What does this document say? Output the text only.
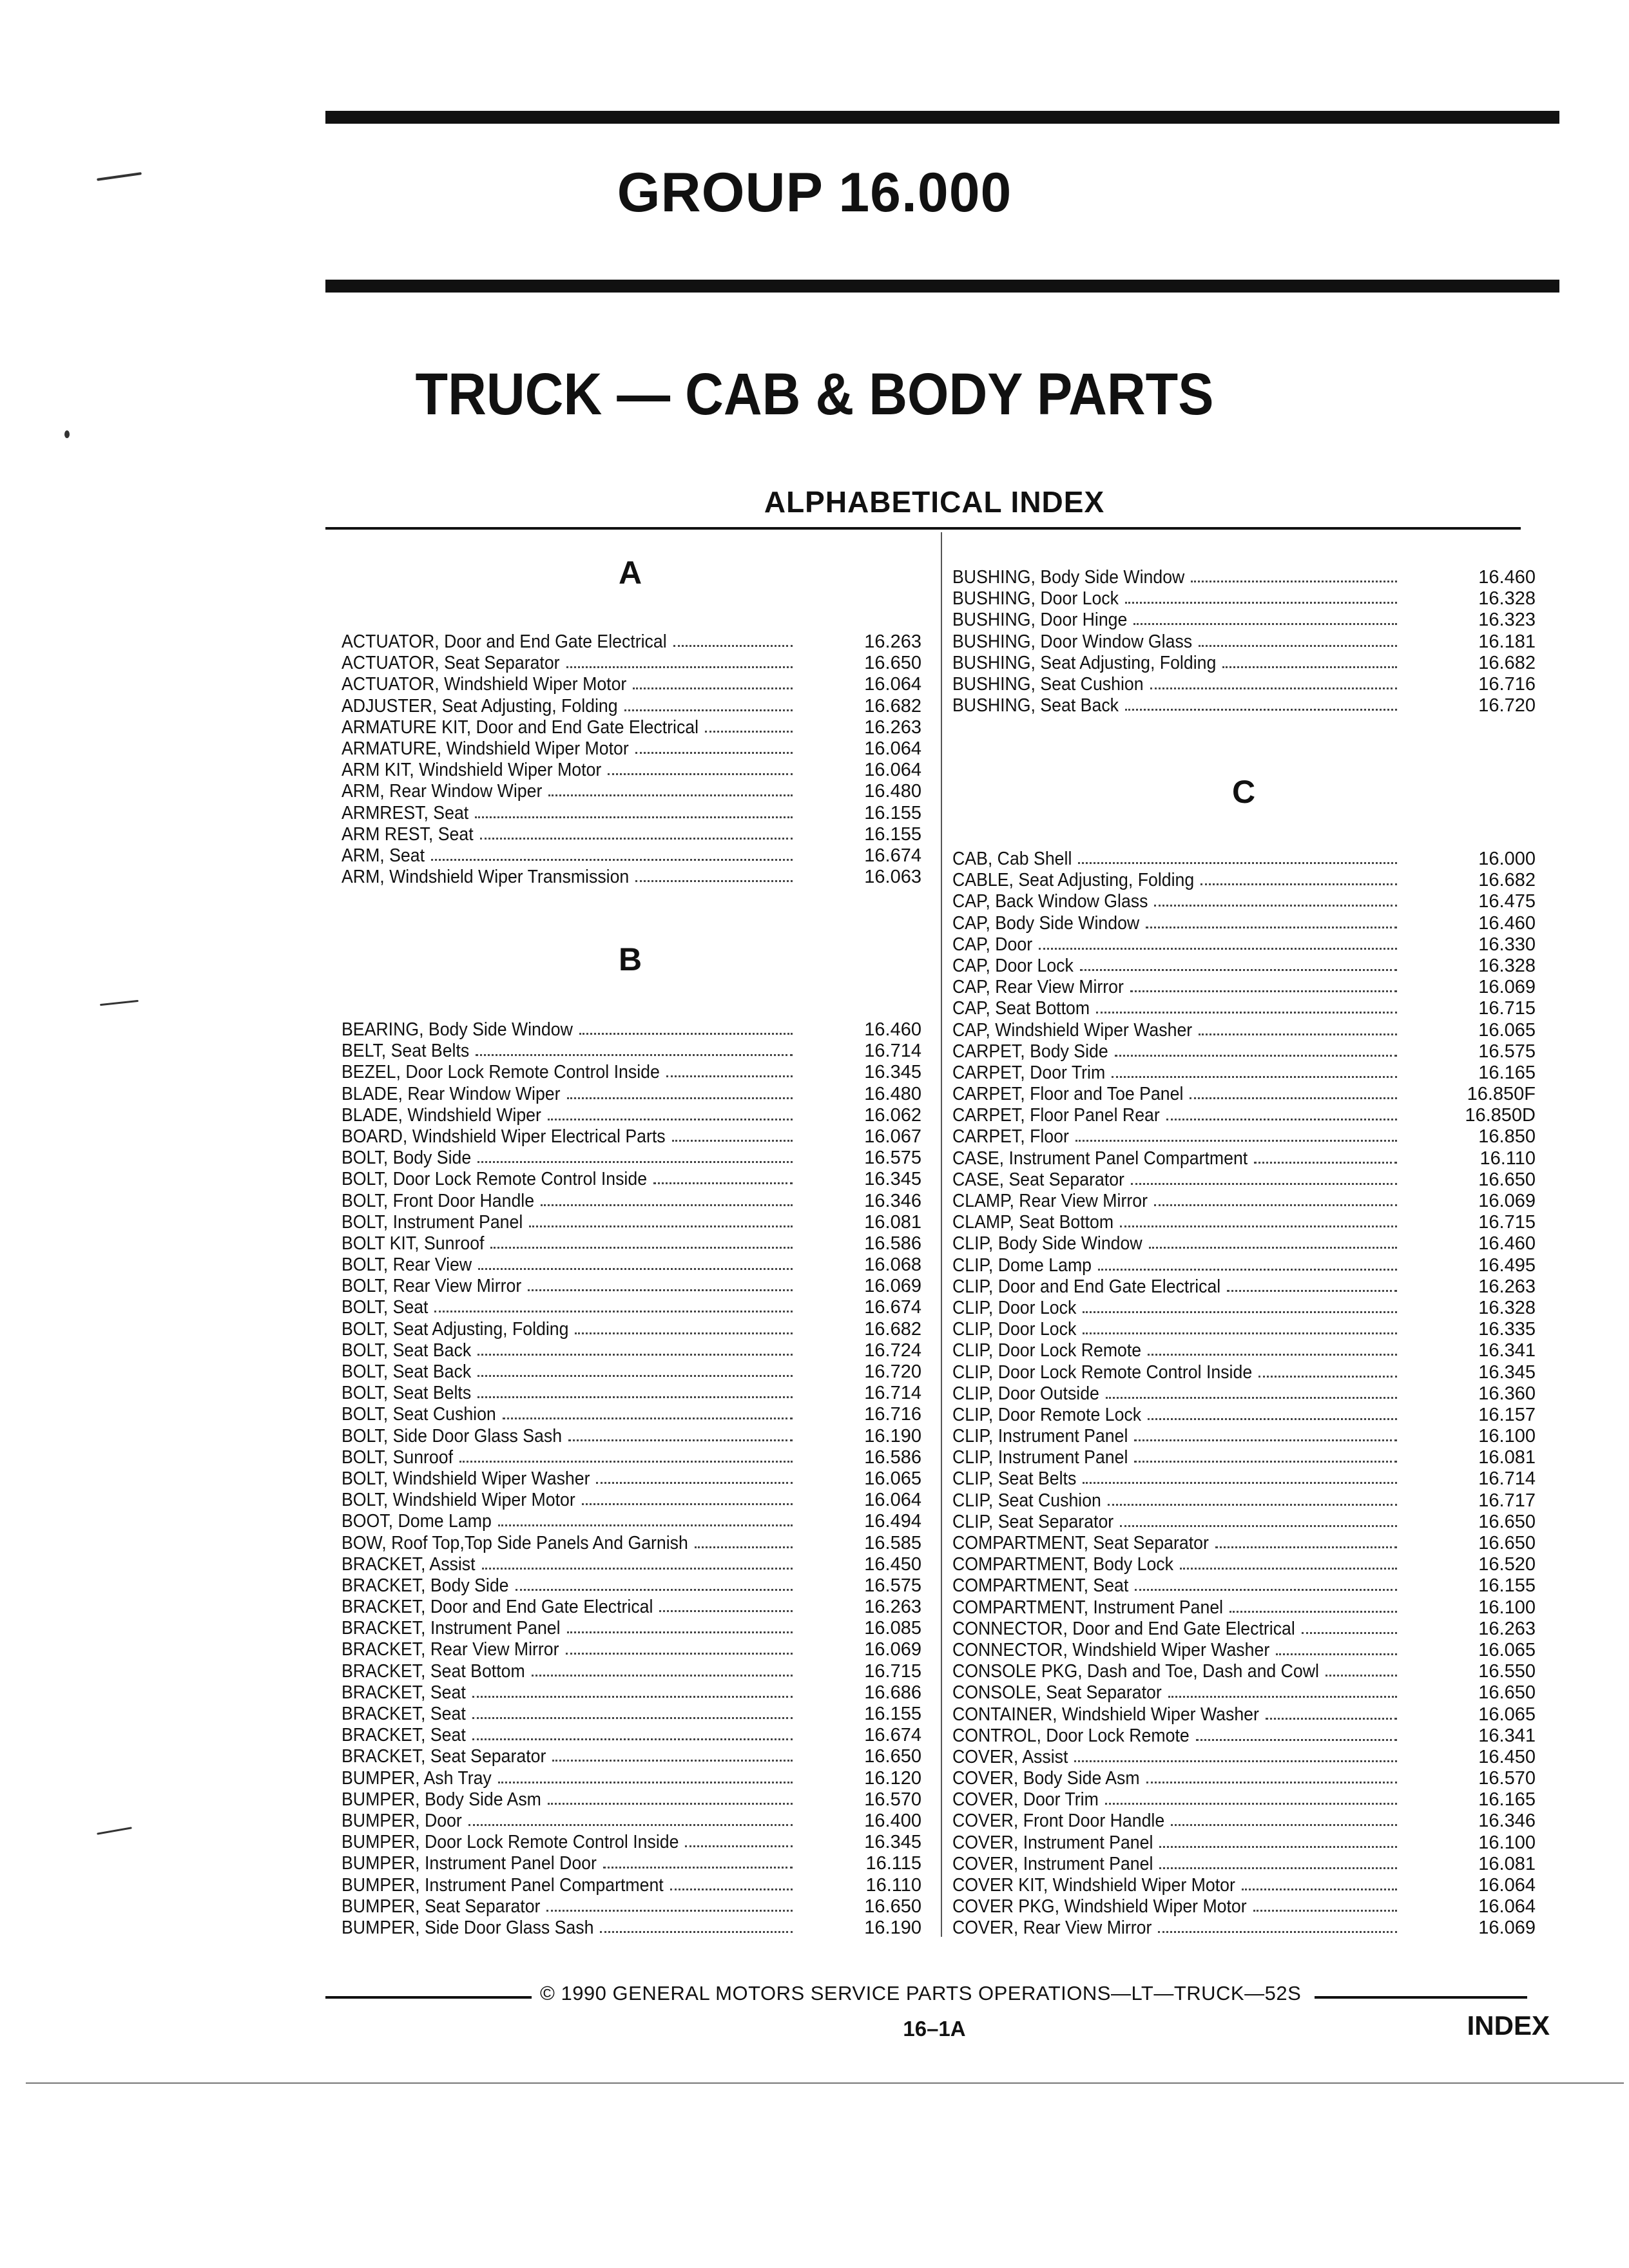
GROUP 16.000
TRUCK — CAB & BODY PARTS
ALPHABETICAL INDEX
A
ACTUATOR, Door and End Gate Electrical	16.263
ACTUATOR, Seat Separator	16.650
ACTUATOR, Windshield Wiper Motor	16.064
ADJUSTER, Seat Adjusting, Folding	16.682
ARMATURE KIT, Door and End Gate Electrical	16.263
ARMATURE, Windshield Wiper Motor	16.064
ARM KIT, Windshield Wiper Motor	16.064
ARM, Rear Window Wiper	16.480
ARMREST, Seat	16.155
ARM REST, Seat	16.155
ARM, Seat	16.674
ARM, Windshield Wiper Transmission	16.063
B
BEARING, Body Side Window	16.460
BELT, Seat Belts	16.714
BEZEL, Door Lock Remote Control Inside	16.345
BLADE, Rear Window Wiper	16.480
BLADE, Windshield Wiper	16.062
BOARD, Windshield Wiper Electrical Parts	16.067
BOLT, Body Side	16.575
BOLT, Door Lock Remote Control Inside	16.345
BOLT, Front Door Handle	16.346
BOLT, Instrument Panel	16.081
BOLT KIT, Sunroof	16.586
BOLT, Rear View	16.068
BOLT, Rear View Mirror	16.069
BOLT, Seat	16.674
BOLT, Seat Adjusting, Folding	16.682
BOLT, Seat Back	16.724
BOLT, Seat Back	16.720
BOLT, Seat Belts	16.714
BOLT, Seat Cushion	16.716
BOLT, Side Door Glass Sash	16.190
BOLT, Sunroof	16.586
BOLT, Windshield Wiper Washer	16.065
BOLT, Windshield Wiper Motor	16.064
BOOT, Dome Lamp	16.494
BOW, Roof Top,Top Side Panels And Garnish	16.585
BRACKET, Assist	16.450
BRACKET, Body Side	16.575
BRACKET, Door and End Gate Electrical	16.263
BRACKET, Instrument Panel	16.085
BRACKET, Rear View Mirror	16.069
BRACKET, Seat Bottom	16.715
BRACKET, Seat	16.686
BRACKET, Seat	16.155
BRACKET, Seat	16.674
BRACKET, Seat Separator	16.650
BUMPER, Ash Tray	16.120
BUMPER, Body Side Asm	16.570
BUMPER, Door	16.400
BUMPER, Door Lock Remote Control Inside	16.345
BUMPER, Instrument Panel Door	16.115
BUMPER, Instrument Panel Compartment	16.110
BUMPER, Seat Separator	16.650
BUMPER, Side Door Glass Sash	16.190
BUSHING, Body Side Window	16.460
BUSHING, Door Lock	16.328
BUSHING, Door Hinge	16.323
BUSHING, Door Window Glass	16.181
BUSHING, Seat Adjusting, Folding	16.682
BUSHING, Seat Cushion	16.716
BUSHING, Seat Back	16.720
C
CAB, Cab Shell	16.000
CABLE, Seat Adjusting, Folding	16.682
CAP, Back Window Glass	16.475
CAP, Body Side Window	16.460
CAP, Door	16.330
CAP, Door Lock	16.328
CAP, Rear View Mirror	16.069
CAP, Seat Bottom	16.715
CAP, Windshield Wiper Washer	16.065
CARPET, Body Side	16.575
CARPET, Door Trim	16.165
CARPET, Floor and Toe Panel	16.850F
CARPET, Floor Panel Rear	16.850D
CARPET, Floor	16.850
CASE, Instrument Panel Compartment	16.110
CASE, Seat Separator	16.650
CLAMP, Rear View Mirror	16.069
CLAMP, Seat Bottom	16.715
CLIP, Body Side Window	16.460
CLIP, Dome Lamp	16.495
CLIP, Door and End Gate Electrical	16.263
CLIP, Door Lock	16.328
CLIP, Door Lock	16.335
CLIP, Door Lock Remote	16.341
CLIP, Door Lock Remote Control Inside	16.345
CLIP, Door Outside	16.360
CLIP, Door Remote Lock	16.157
CLIP, Instrument Panel	16.100
CLIP, Instrument Panel	16.081
CLIP, Seat Belts	16.714
CLIP, Seat Cushion	16.717
CLIP, Seat Separator	16.650
COMPARTMENT, Seat Separator	16.650
COMPARTMENT, Body Lock	16.520
COMPARTMENT, Seat	16.155
COMPARTMENT, Instrument Panel	16.100
CONNECTOR, Door and End Gate Electrical	16.263
CONNECTOR, Windshield Wiper Washer	16.065
CONSOLE PKG, Dash and Toe, Dash and Cowl	16.550
CONSOLE, Seat Separator	16.650
CONTAINER, Windshield Wiper Washer	16.065
CONTROL, Door Lock Remote	16.341
COVER, Assist	16.450
COVER, Body Side Asm	16.570
COVER, Door Trim	16.165
COVER, Front Door Handle	16.346
COVER, Instrument Panel	16.100
COVER, Instrument Panel	16.081
COVER KIT, Windshield Wiper Motor	16.064
COVER PKG, Windshield Wiper Motor	16.064
COVER, Rear View Mirror	16.069
© 1990 GENERAL MOTORS SERVICE PARTS OPERATIONS—LT—TRUCK—52S
16–1A	INDEX
